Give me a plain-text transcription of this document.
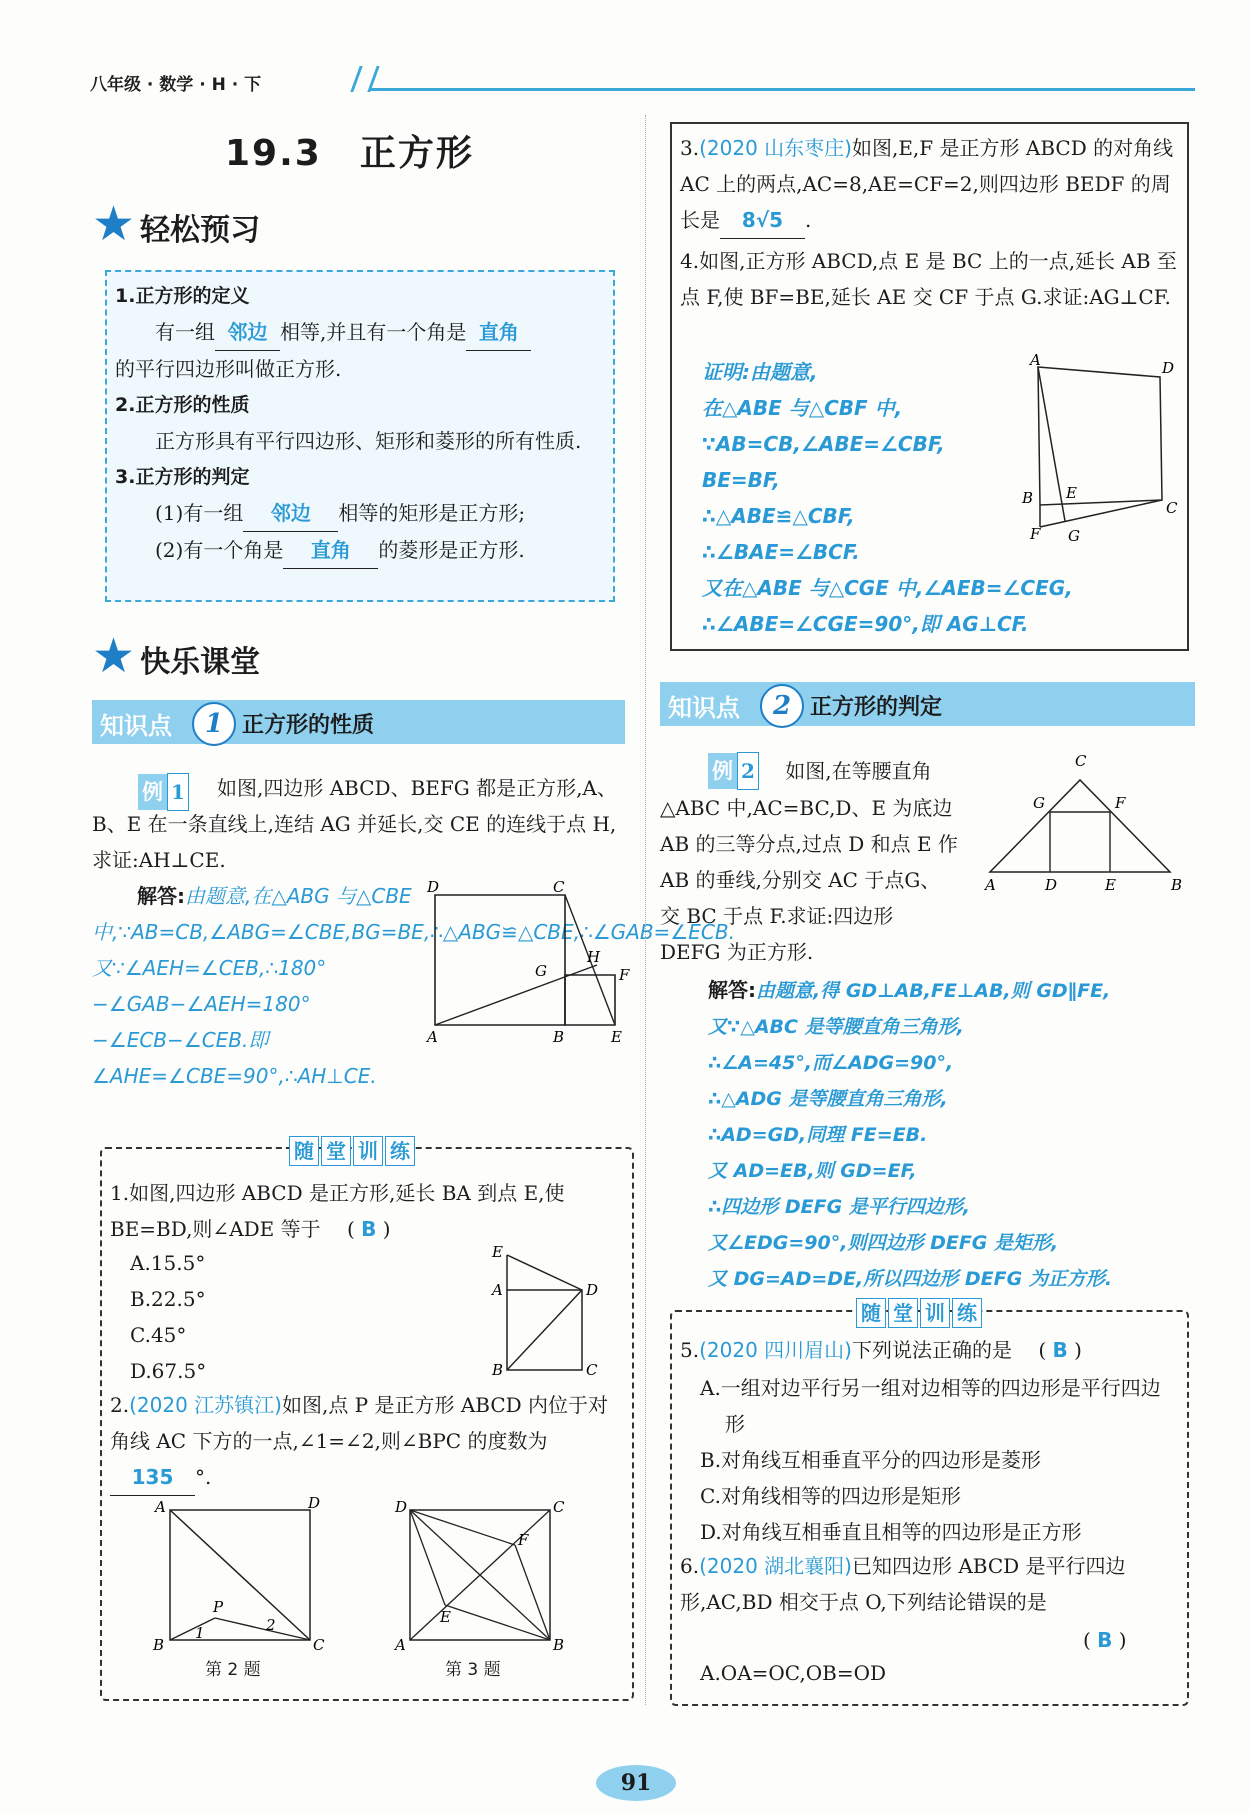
八年级 · 数学 · H · 下
19.3　正方形
★ 轻松预习
1.正方形的定义
有一组 邻边 相等,并且有一个角是 直角
的平行四边形叫做正方形.
2.正方形的性质
正方形具有平行四边形、矩形和菱形的所有性质.
3.正方形的判定
(1)有一组 邻边 相等的矩形是正方形;
(2)有一个角是 直角 的菱形是正方形.
★ 快乐课堂
知识点	1 正方形的性质
例 1 如图,四边形 ABCD、BEFG 都是正方形,A、B、E 在一条直线上,连结 AG 并延长,交 CE 的连线于点 H,求证:AH⊥CE.
解答:由题意,在△ABG 与△CBE 中,∵AB=CB,∠ABG=∠CBE,BG=BE,∴△ABG≌△CBE,∴∠GAB=∠ECB.又∵∠AEH=∠CEB,∴180°−∠GAB−∠AEH=180°−∠ECB−∠CEB.即∠AHE=∠CBE=90°,∴AH⊥CE.
D	C
A	B	E
F
G
H
随 堂 训 练
1.如图,四边形 ABCD 是正方形,延长 BA 到点 E,使 BE=BD,则∠ADE 等于 ( B )
A.15.5°
B.22.5°
C.45°
D.67.5°
E
A	D
B	C
2.(2020 江苏镇江)如图,点 P 是正方形 ABCD 内位于对角线 AC 下方的一点,∠1=∠2,则∠BPC 的度数为135 °.
A	D
B	C
P
1	2
D	C
A	B
F
E
第 2 题	第 3 题
3.(2020 山东枣庄)如图,E,F 是正方形 ABCD 的对角线 AC 上的两点,AC=8,AE=CF=2,则四边形 BEDF 的周长是 8√5 .
4.如图,正方形 ABCD,点 E 是 BC 上的一点,延长 AB 至点 F,使 BF=BE,延长 AE 交 CF 于点 G.求证:AG⊥CF.
证明:由题意,
在△ABE 与△CBF 中,
∵AB=CB,∠ABE=∠CBF,
BE=BF,
∴△ABE≌△CBF,
∴∠BAE=∠BCF.
又在△ABE 与△CGE 中,∠AEB=∠CEG,
∴∠ABE=∠CGE=90°,即 AG⊥CF.
A	D
B
C
F G
E
知识点	2 正方形的判定
例 2 如图,在等腰直角△ABC 中,AC=BC,D、E 为底边 AB 的三等分点,过点 D 和点 E 作 AB 的垂线,分别交 AC 于点G、交 BC 于点 F.求证:四边形 DEFG 为正方形.
C
G	F
A	D	E	B
解答:由题意,得 GD⊥AB,FE⊥AB,则 GD∥FE,
又∵△ABC 是等腰直角三角形,
∴∠A=45°,而∠ADG=90°,
∴△ADG 是等腰直角三角形,
∴AD=GD,同理 FE=EB.
又 AD=EB,则 GD=EF,
∴四边形 DEFG 是平行四边形,
又∠EDG=90°,则四边形 DEFG 是矩形,
又 DG=AD=DE,所以四边形 DEFG 为正方形.
随 堂 训 练
5.(2020 四川眉山)下列说法正确的是 ( B )
A.一组对边平行另一组对边相等的四边形是平行四边形
B.对角线互相垂直平分的四边形是菱形
C.对角线相等的四边形是矩形
D.对角线互相垂直且相等的四边形是正方形
6.(2020 湖北襄阳)已知四边形 ABCD 是平行四边形,AC,BD 相交于点 O,下列结论错误的是
( B )
A.OA=OC,OB=OD
91
